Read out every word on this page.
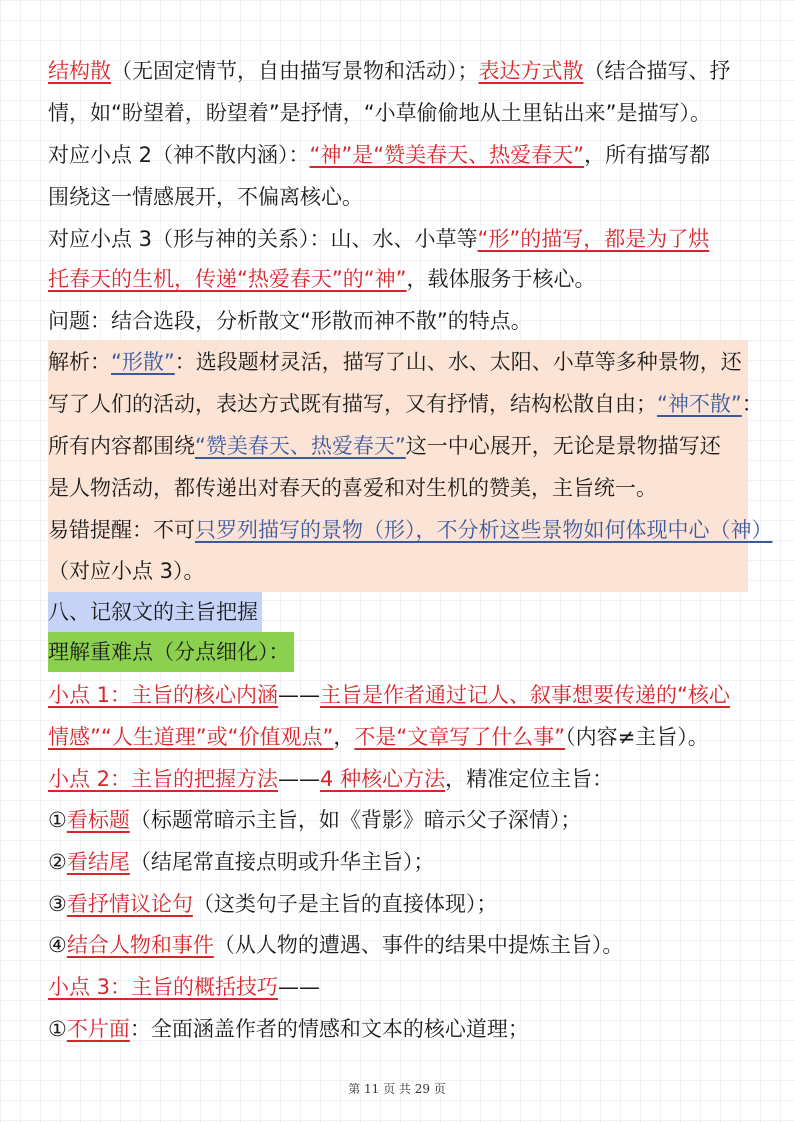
结构散（无固定情节，自由描写景物和活动）；表达方式散（结合描写、抒
情，如“盼望着，盼望着”是抒情，“小草偷偷地从土里钻出来”是描写）。
对应小点 2（神不散内涵）：“神”是“赞美春天、热爱春天”，所有描写都
围绕这一情感展开，不偏离核心。
对应小点 3（形与神的关系）：山、水、小草等“形”的描写，都是为了烘
托春天的生机，传递“热爱春天”的“神”，载体服务于核心。
问题：结合选段，分析散文“形散而神不散”的特点。
解析：“形散”：选段题材灵活，描写了山、水、太阳、小草等多种景物，还
写了人们的活动，表达方式既有描写，又有抒情，结构松散自由；“神不散”：
所有内容都围绕“赞美春天、热爱春天”这一中心展开，无论是景物描写还
是人物活动，都传递出对春天的喜爱和对生机的赞美，主旨统一。
易错提醒：不可只罗列描写的景物（形），不分析这些景物如何体现中心（神）
（对应小点 3）。
八、记叙文的主旨把握
理解重难点（分点细化）：
小点 1：主旨的核心内涵——主旨是作者通过记人、叙事想要传递的“核心
情感”“人生道理”或“价值观点”，不是“文章写了什么事”（内容≠主旨）。
小点 2：主旨的把握方法——4 种核心方法，精准定位主旨：
①看标题（标题常暗示主旨，如《背影》暗示父子深情）；
②看结尾（结尾常直接点明或升华主旨）；
③看抒情议论句（这类句子是主旨的直接体现）；
④结合人物和事件（从人物的遭遇、事件的结果中提炼主旨）。
小点 3：主旨的概括技巧——
①不片面：全面涵盖作者的情感和文本的核心道理；
第 11 页 共 29 页
